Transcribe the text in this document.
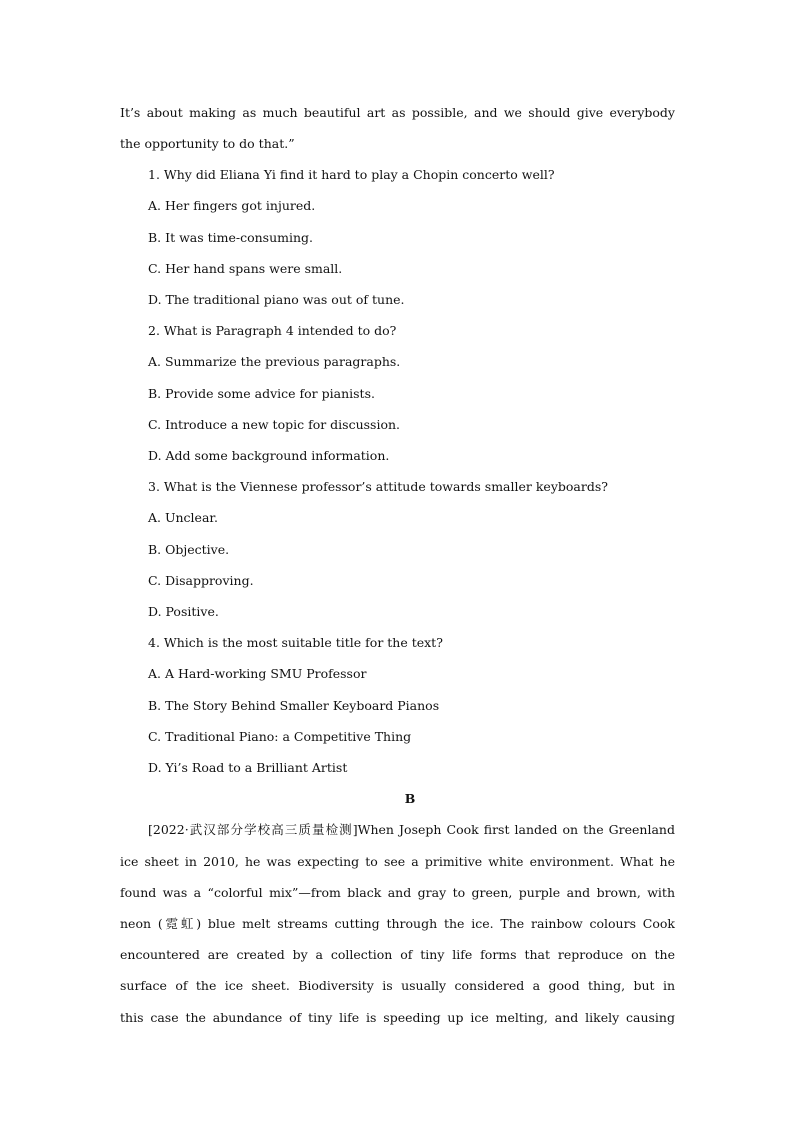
It’s about making as much beautiful art as possible, and we should give everybody
the opportunity to do that.”
1. Why did Eliana Yi find it hard to play a Chopin concerto well?
A. Her fingers got injured.
B. It was time-consuming.
C. Her hand spans were small.
D. The traditional piano was out of tune.
2. What is Paragraph 4 intended to do?
A. Summarize the previous paragraphs.
B. Provide some advice for pianists.
C. Introduce a new topic for discussion.
D. Add some background information.
3. What is the Viennese professor’s attitude towards smaller keyboards?
A. Unclear.
B. Objective.
C. Disapproving.
D. Positive.
4. Which is the most suitable title for the text?
A. A Hard-working SMU Professor
B. The Story Behind Smaller Keyboard Pianos
C. Traditional Piano: a Competitive Thing
D. Yi’s Road to a Brilliant Artist
B
[2022·武汉部分学校高三质量检测]When Joseph Cook first landed on the Greenland
ice sheet in 2010, he was expecting to see a primitive white environment. What he
found was a “colorful mix”—from black and gray to green, purple and brown, with
neon (霓虹) blue melt streams cutting through the ice. The rainbow colours Cook
encountered are created by a collection of tiny life forms that reproduce on the
surface of the ice sheet. Biodiversity is usually considered a good thing, but in
this case the abundance of tiny life is speeding up ice melting, and likely causing
